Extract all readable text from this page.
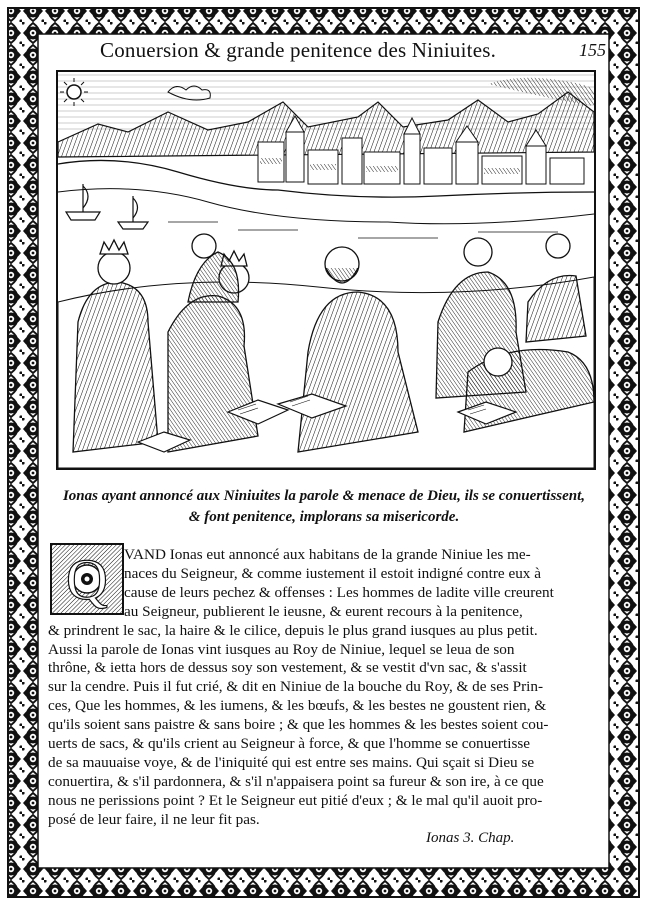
Conuersion & grande penitence des Niniuites.	155
Ionas ayant annoncé aux Niniuites la parole & menace de Dieu, ils se conuertissent,
& font penitence, implorans sa misericorde.
Q VAND Ionas eut annoncé aux habitans de la grande Niniue les me-

naces du Seigneur, & comme iustement il estoit indigné contre eux à

cause de leurs pechez & offenses : Les hommes de ladite ville creurent

au Seigneur, publierent le ieusne, & eurent recours à la penitence,

& prindrent le sac, la haire & le cilice, depuis le plus grand iusques au plus petit.

Aussi la parole de Ionas vint iusques au Roy de Niniue, lequel se leua de son

thrône, & ietta hors de dessus soy son vestement, & se vestit d'vn sac, & s'assit

sur la cendre. Puis il fut crié, & dit en Niniue de la bouche du Roy, & de ses Prin-

ces, Que les hommes, & les iumens, & les bœufs, & les bestes ne goustent rien, &

qu'ils soient sans paistre & sans boire ; & que les hommes & les bestes soient cou-

uerts de sacs, & qu'ils crient au Seigneur à force, & que l'homme se conuertisse

de sa mauuaise voye, & de l'iniquité qui est entre ses mains. Qui sçait si Dieu se

conuertira, & s'il pardonnera, & s'il n'appaisera point sa fureur & son ire, à ce que

nous ne perissions point ? Et le Seigneur eut pitié d'eux ; & le mal qu'il auoit pro-

posé de leur faire, il ne leur fit pas.

Ionas 3. Chap.
